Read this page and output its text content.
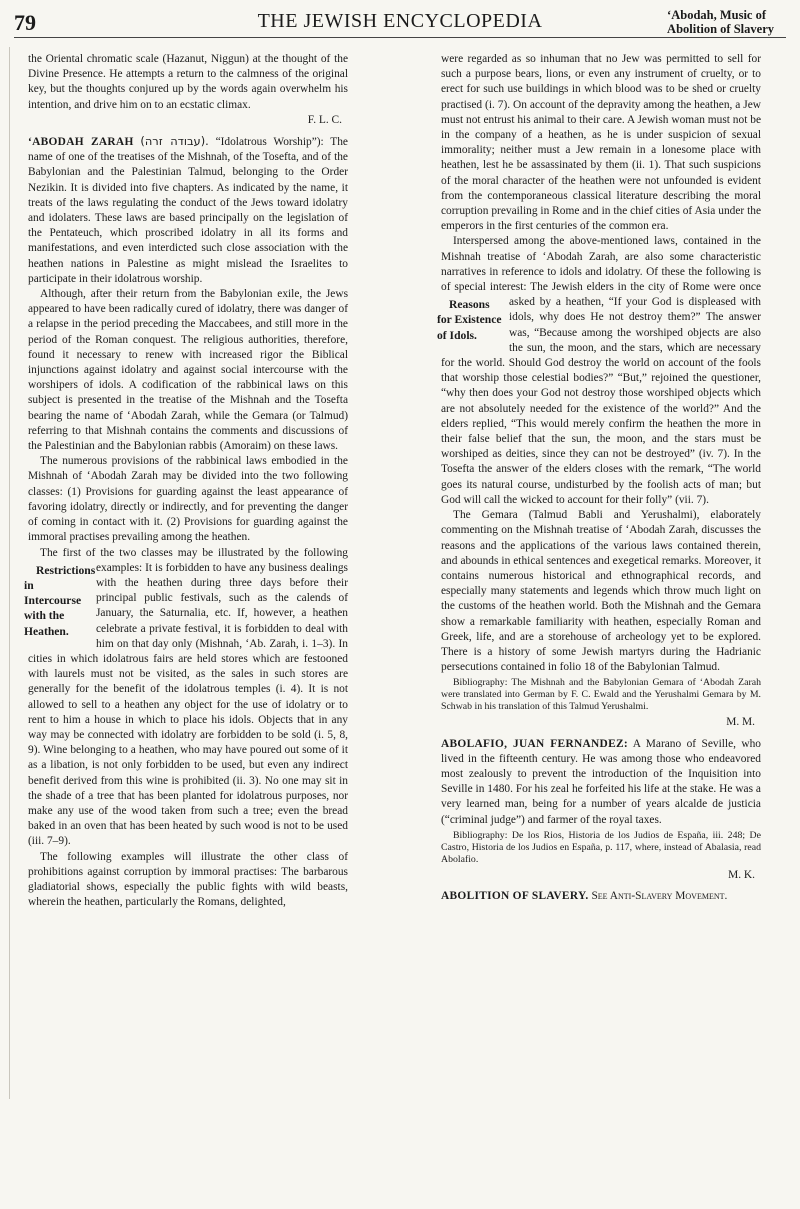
79	THE JEWISH ENCYCLOPEDIA	‘Abodah, Music of
Abolition of Slavery

the Oriental chromatic scale (Hazanut, Niggun) at the thought of the Divine Presence. He attempts a return to the calmness of the original key, but the thoughts conjured up by the words again overwhelm his intention, and drive him on to an ecstatic climax.

F. L. C.

‘ABODAH ZARAH (עבודה זרה). “Idolatrous Worship”): The name of one of the treatises of the Mishnah, of the Tosefta, and of the Babylonian and the Palestinian Talmud, belonging to the Order Nezikin. It is divided into five chapters. As indicated by the name, it treats of the laws regulating the conduct of the Jews toward idolatry and idolaters. These laws are based principally on the legislation of the Pentateuch, which proscribed idolatry in all its forms and manifestations, and even interdicted such close association with the heathen nations in Palestine as might mislead the Israelites to participate in their idolatrous worship.

Although, after their return from the Babylonian exile, the Jews appeared to have been radically cured of idolatry, there was danger of a relapse in the period preceding the Maccabees, and still more in the period of the Roman conquest. The religious authorities, therefore, found it necessary to renew with increased rigor the Biblical injunctions against idolatry and against social intercourse with the worshipers of idols. A codification of the rabbinical laws on this subject is presented in the treatise of the Mishnah and the Tosefta bearing the name of ‘Abodah Zarah, while the Gemara (or Talmud) referring to that Mishnah contains the comments and discussions of the Palestinian and the Babylonian rabbis (Amoraim) on these laws.

The numerous provisions of the rabbinical laws embodied in the Mishnah of ‘Abodah Zarah may be divided into the two following classes: (1) Provisions for guarding against the least appearance of favoring idolatry, directly or indirectly, and for preventing the danger of coming in contact with it. (2) Provisions for guarding against the immoral practises prevailing among the heathen.

The first of the two classes may be illustrated by the following examples: It is forbidden to have any
Restrictions in Intercourse with the Heathen.
business dealings with the heathen during three days before their principal public festivals, such as the calends of January, the Saturnalia, etc. If, however, a heathen celebrate a private festival, it is forbidden to deal with him on that day only (Mishnah, ‘Ab. Zarah, i. 1–3). In cities in which idolatrous fairs are held stores which are festooned with laurels must not be visited, as the sales in such stores are generally for the benefit of the idolatrous temples (i. 4). It is not allowed to sell to a heathen any object for the use of idolatry or to rent to him a house in which to place his idols. Objects that in any way may be connected with idolatry are forbidden to be sold (i. 5, 8, 9). Wine belonging to a heathen, who may have poured out some of it as a libation, is not only forbidden to be used, but even any indirect benefit derived from this wine is prohibited (ii. 3). No one may sit in the shade of a tree that has been planted for idolatrous purposes, nor make any use of the wood taken from such a tree; even the bread baked in an oven that has been heated by such wood is not to be used (iii. 7–9).

The following examples will illustrate the other class of prohibitions against corruption by immoral practises: The barbarous gladiatorial shows, especially the public fights with wild beasts, wherein the heathen, particularly the Romans, delighted,

were regarded as so inhuman that no Jew was permitted to sell for such a purpose bears, lions, or even any instrument of cruelty, or to erect for such use buildings in which blood was to be shed or cruelty practised (i. 7). On account of the depravity among the heathen, a Jew must not entrust his animal to their care. A Jewish woman must not be in the company of a heathen, as he is under suspicion of sexual immorality; neither must a Jew remain in a lonesome place with heathen, lest he be assassinated by them (ii. 1). That such suspicions of the moral character of the heathen were not unfounded is evident from the contemporaneous classical literature describing the moral corruption prevailing in Rome and in the chief cities of Asia under the emperors in the first centuries of the common era.

Interspersed among the above-mentioned laws, contained in the Mishnah treatise of ‘Abodah Zarah, are also some characteristic narratives in reference to idols and idolatry. Of these the following is of special interest: The Jewish elders in the city of Rome were once asked by a heathen,
Reasons for Existence of Idols.
“If your God is displeased with idols, why does He not destroy them?” The answer was, “Because among the worshiped objects are also the sun, the moon, and the stars, which are necessary for the world. Should God destroy the world on account of the fools that worship those celestial bodies?” “But,” rejoined the questioner, “why then does your God not destroy those worshiped objects which are not absolutely needed for the existence of the world?” And the elders replied, “This would merely confirm the heathen the more in their false belief that the sun, the moon, and the stars must be worshiped as deities, since they can not be destroyed” (iv. 7). In the Tosefta the answer of the elders closes with the remark, “The world goes its natural course, undisturbed by the foolish acts of man; but God will call the wicked to account for their folly” (vii. 7).

The Gemara (Talmud Babli and Yerushalmi), elaborately commenting on the Mishnah treatise of ‘Abodah Zarah, discusses the reasons and the applications of the various laws contained therein, and abounds in ethical sentences and exegetical remarks. Moreover, it contains numerous historical and ethnographical records, and especially many statements and legends which throw much light on the customs of the heathen world. Both the Mishnah and the Gemara show a remarkable familiarity with heathen, especially Roman and Greek, life, and are a storehouse of archeology yet to be explored. There is a history of some Jewish martyrs during the Hadrianic persecutions contained in folio 18 of the Babylonian Talmud.

Bibliography: The Mishnah and the Babylonian Gemara of ‘Abodah Zarah were translated into German by F. C. Ewald and the Yerushalmi Gemara by M. Schwab in his translation of this Talmud Yerushalmi.

M. M.

ABOLAFIO, JUAN FERNANDEZ: A Marano of Seville, who lived in the fifteenth century. He was among those who endeavored most zealously to prevent the introduction of the Inquisition into Seville in 1480. For his zeal he forfeited his life at the stake. He was a very learned man, being for a number of years alcalde de justicia (“criminal judge”) and farmer of the royal taxes.

Bibliography: De los Rios, Historia de los Judios de España, iii. 248; De Castro, Historia de los Judios en España, p. 117, where, instead of Abalasia, read Abolafio.

M. K.

ABOLITION OF SLAVERY. See Anti-Slavery Movement.
